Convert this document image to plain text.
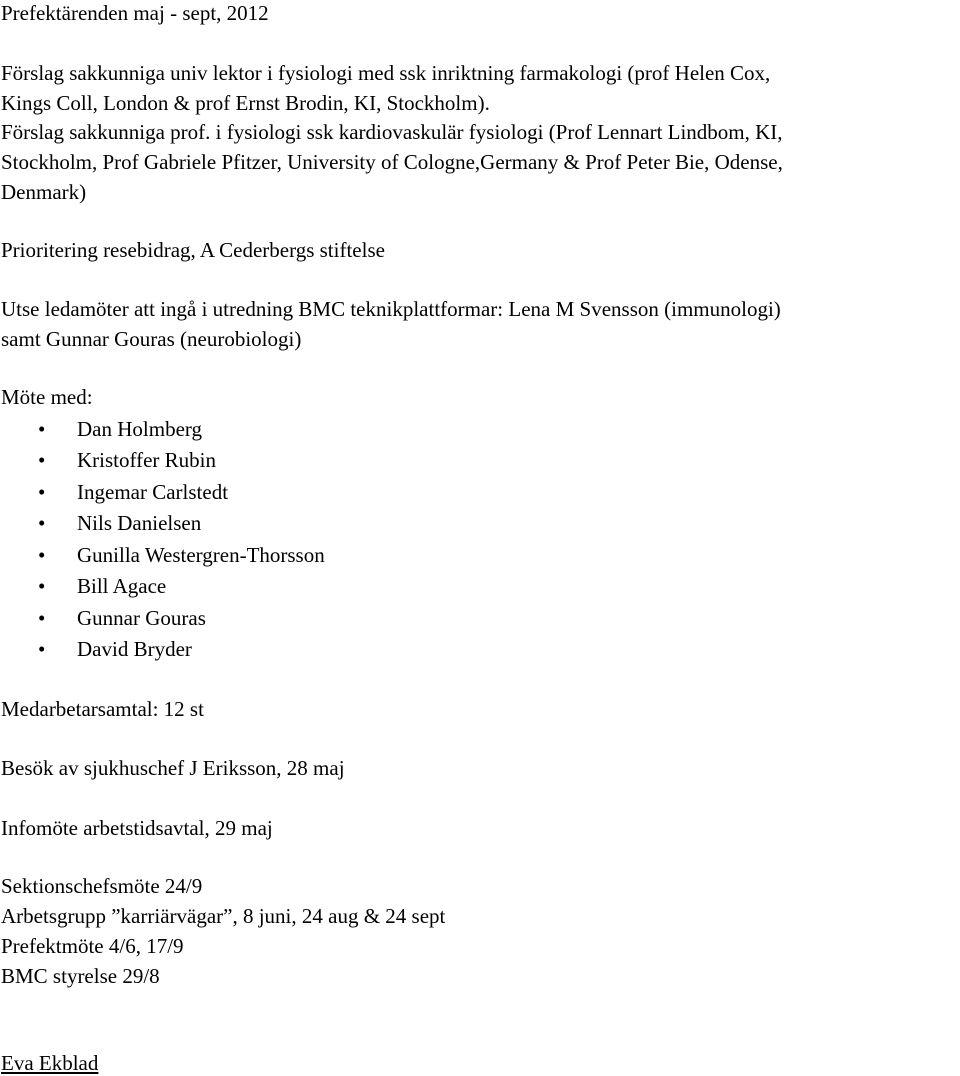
Prefektärenden maj - sept, 2012
Förslag sakkunniga univ lektor i fysiologi med ssk inriktning farmakologi (prof Helen Cox,
Kings Coll, London & prof Ernst Brodin, KI, Stockholm).
Förslag sakkunniga prof. i fysiologi ssk kardiovaskulär fysiologi (Prof Lennart Lindbom, KI,
Stockholm, Prof Gabriele Pfitzer, University of Cologne,Germany & Prof Peter Bie, Odense,
Denmark)
Prioritering resebidrag, A Cederbergs stiftelse
Utse ledamöter att ingå i utredning BMC teknikplattformar: Lena M Svensson (immunologi)
samt Gunnar Gouras (neurobiologi)
Möte med:
• Dan Holmberg
• Kristoffer Rubin
• Ingemar Carlstedt
• Nils Danielsen
• Gunilla Westergren-Thorsson
• Bill Agace
• Gunnar Gouras
• David Bryder
Medarbetarsamtal: 12 st
Besök av sjukhuschef J Eriksson, 28 maj
Infomöte arbetstidsavtal, 29 maj
Sektionschefsmöte 24/9
Arbetsgrupp ”karriärvägar”, 8 juni, 24 aug & 24 sept
Prefektmöte 4/6, 17/9
BMC styrelse 29/8
Eva Ekblad
